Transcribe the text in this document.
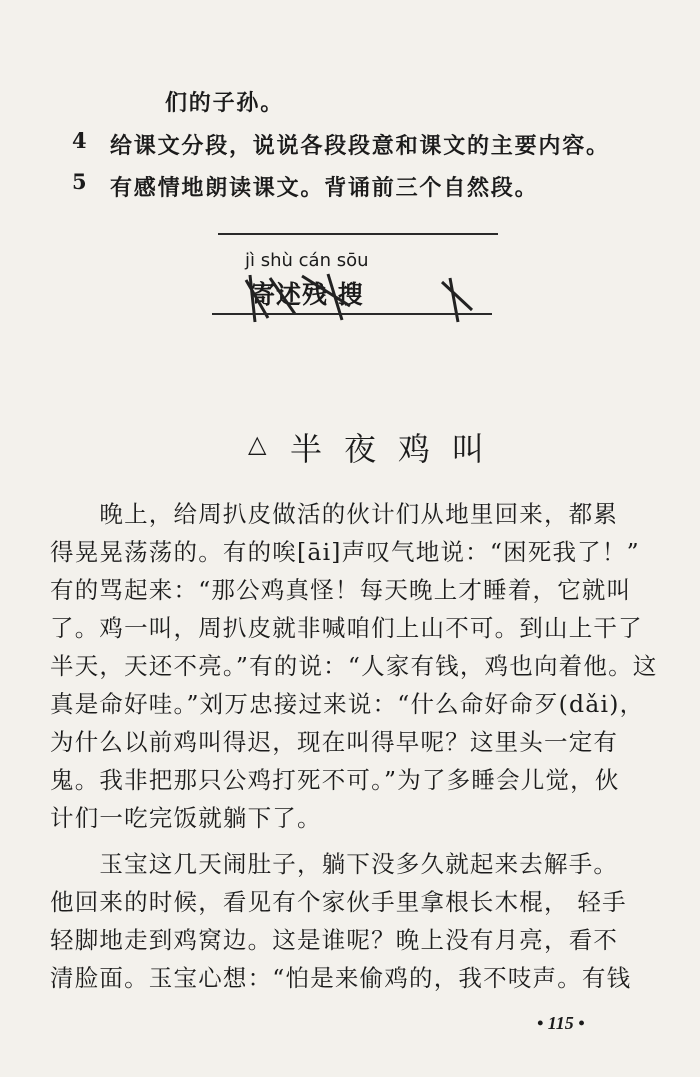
们的子孙。
4 给课文分段，说说各段段意和课文的主要内容。
5 有感情地朗读课文。背诵前三个自然段。
jì shù cán sōu
寄述残 搜
△ 半夜鸡叫
　　晚上，给周扒皮做活的伙计们从地里回来，都累
得晃晃荡荡的。有的唉[āi]声叹气地说：“困死我了！”
有的骂起来：“那公鸡真怪！每天晚上才睡着，它就叫
了。鸡一叫，周扒皮就非喊咱们上山不可。到山上干了
半天，天还不亮。”有的说：“人家有钱，鸡也向着他。这
真是命好哇。”刘万忠接过来说：“什么命好命歹(dǎi)，
为什么以前鸡叫得迟，现在叫得早呢？这里头一定有
鬼。我非把那只公鸡打死不可。”为了多睡会儿觉，伙
计们一吃完饭就躺下了。
　　玉宝这几天闹肚子，躺下没多久就起来去解手。
他回来的时候，看见有个家伙手里拿根长木棍， 轻手
轻脚地走到鸡窝边。这是谁呢？晚上没有月亮，看不
清脸面。玉宝心想：“怕是来偷鸡的，我不吱声。有钱
• 115 •
